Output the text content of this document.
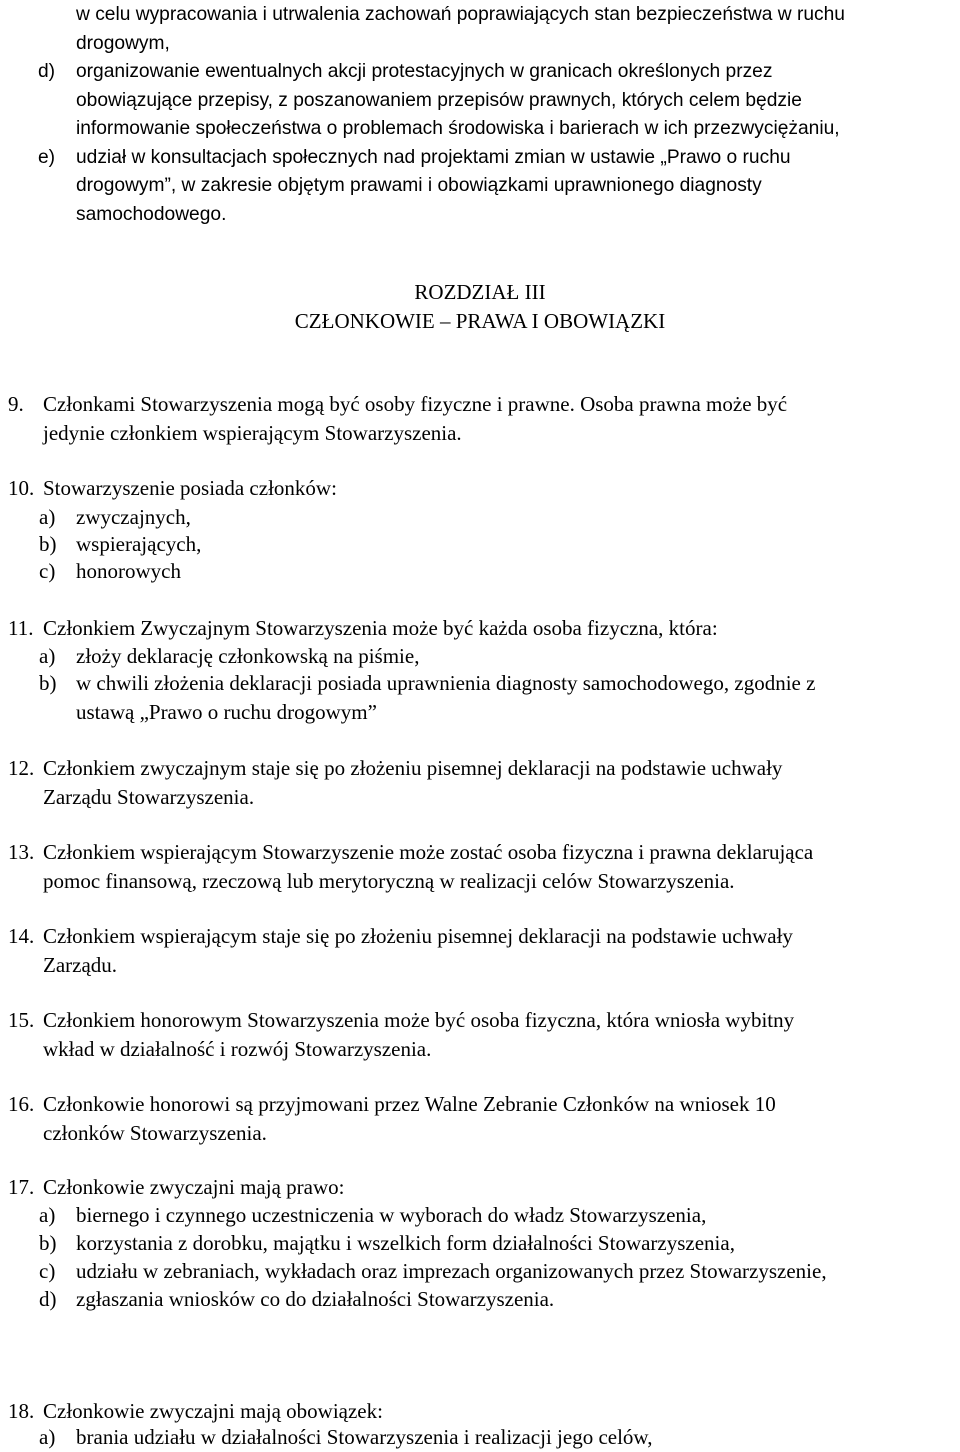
w celu wypracowania i utrwalenia zachowań poprawiających stan bezpieczeństwa w ruchu
drogowym,
d) organizowanie ewentualnych akcji protestacyjnych w granicach określonych przez
obowiązujące przepisy, z poszanowaniem przepisów prawnych, których celem będzie
informowanie społeczeństwa o problemach środowiska i barierach w ich przezwyciężaniu,
e) udział w konsultacjach społecznych nad projektami zmian w ustawie „Prawo o ruchu
drogowym”, w zakresie objętym prawami i obowiązkami uprawnionego diagnosty
samochodowego.
ROZDZIAŁ III
CZŁONKOWIE – PRAWA I OBOWIĄZKI
9. Członkami Stowarzyszenia mogą być osoby fizyczne i prawne. Osoba prawna może być
jedynie członkiem wspierającym Stowarzyszenia.
10. Stowarzyszenie posiada członków:
a) zwyczajnych,
b) wspierających,
c) honorowych
11. Członkiem Zwyczajnym Stowarzyszenia może być każda osoba fizyczna, która:
a) złoży deklarację członkowską na piśmie,
b) w chwili złożenia deklaracji posiada uprawnienia diagnosty samochodowego, zgodnie z
ustawą „Prawo o ruchu drogowym”
12. Członkiem zwyczajnym staje się po złożeniu pisemnej deklaracji na podstawie uchwały
Zarządu Stowarzyszenia.
13. Członkiem wspierającym Stowarzyszenie może zostać osoba fizyczna i prawna deklarująca
pomoc finansową, rzeczową lub merytoryczną w realizacji celów Stowarzyszenia.
14. Członkiem wspierającym staje się po złożeniu pisemnej deklaracji na podstawie uchwały
Zarządu.
15. Członkiem honorowym Stowarzyszenia może być osoba fizyczna, która wniosła wybitny
wkład w działalność i rozwój Stowarzyszenia.
16. Członkowie honorowi są przyjmowani przez Walne Zebranie Członków na wniosek 10
członków Stowarzyszenia.
17. Członkowie zwyczajni mają prawo:
a) biernego i czynnego uczestniczenia w wyborach do władz Stowarzyszenia,
b) korzystania z dorobku, majątku i wszelkich form działalności Stowarzyszenia,
c) udziału w zebraniach, wykładach oraz imprezach organizowanych przez Stowarzyszenie,
d) zgłaszania wniosków co do działalności Stowarzyszenia.
18. Członkowie zwyczajni mają obowiązek:
a) brania udziału w działalności Stowarzyszenia i realizacji jego celów,
